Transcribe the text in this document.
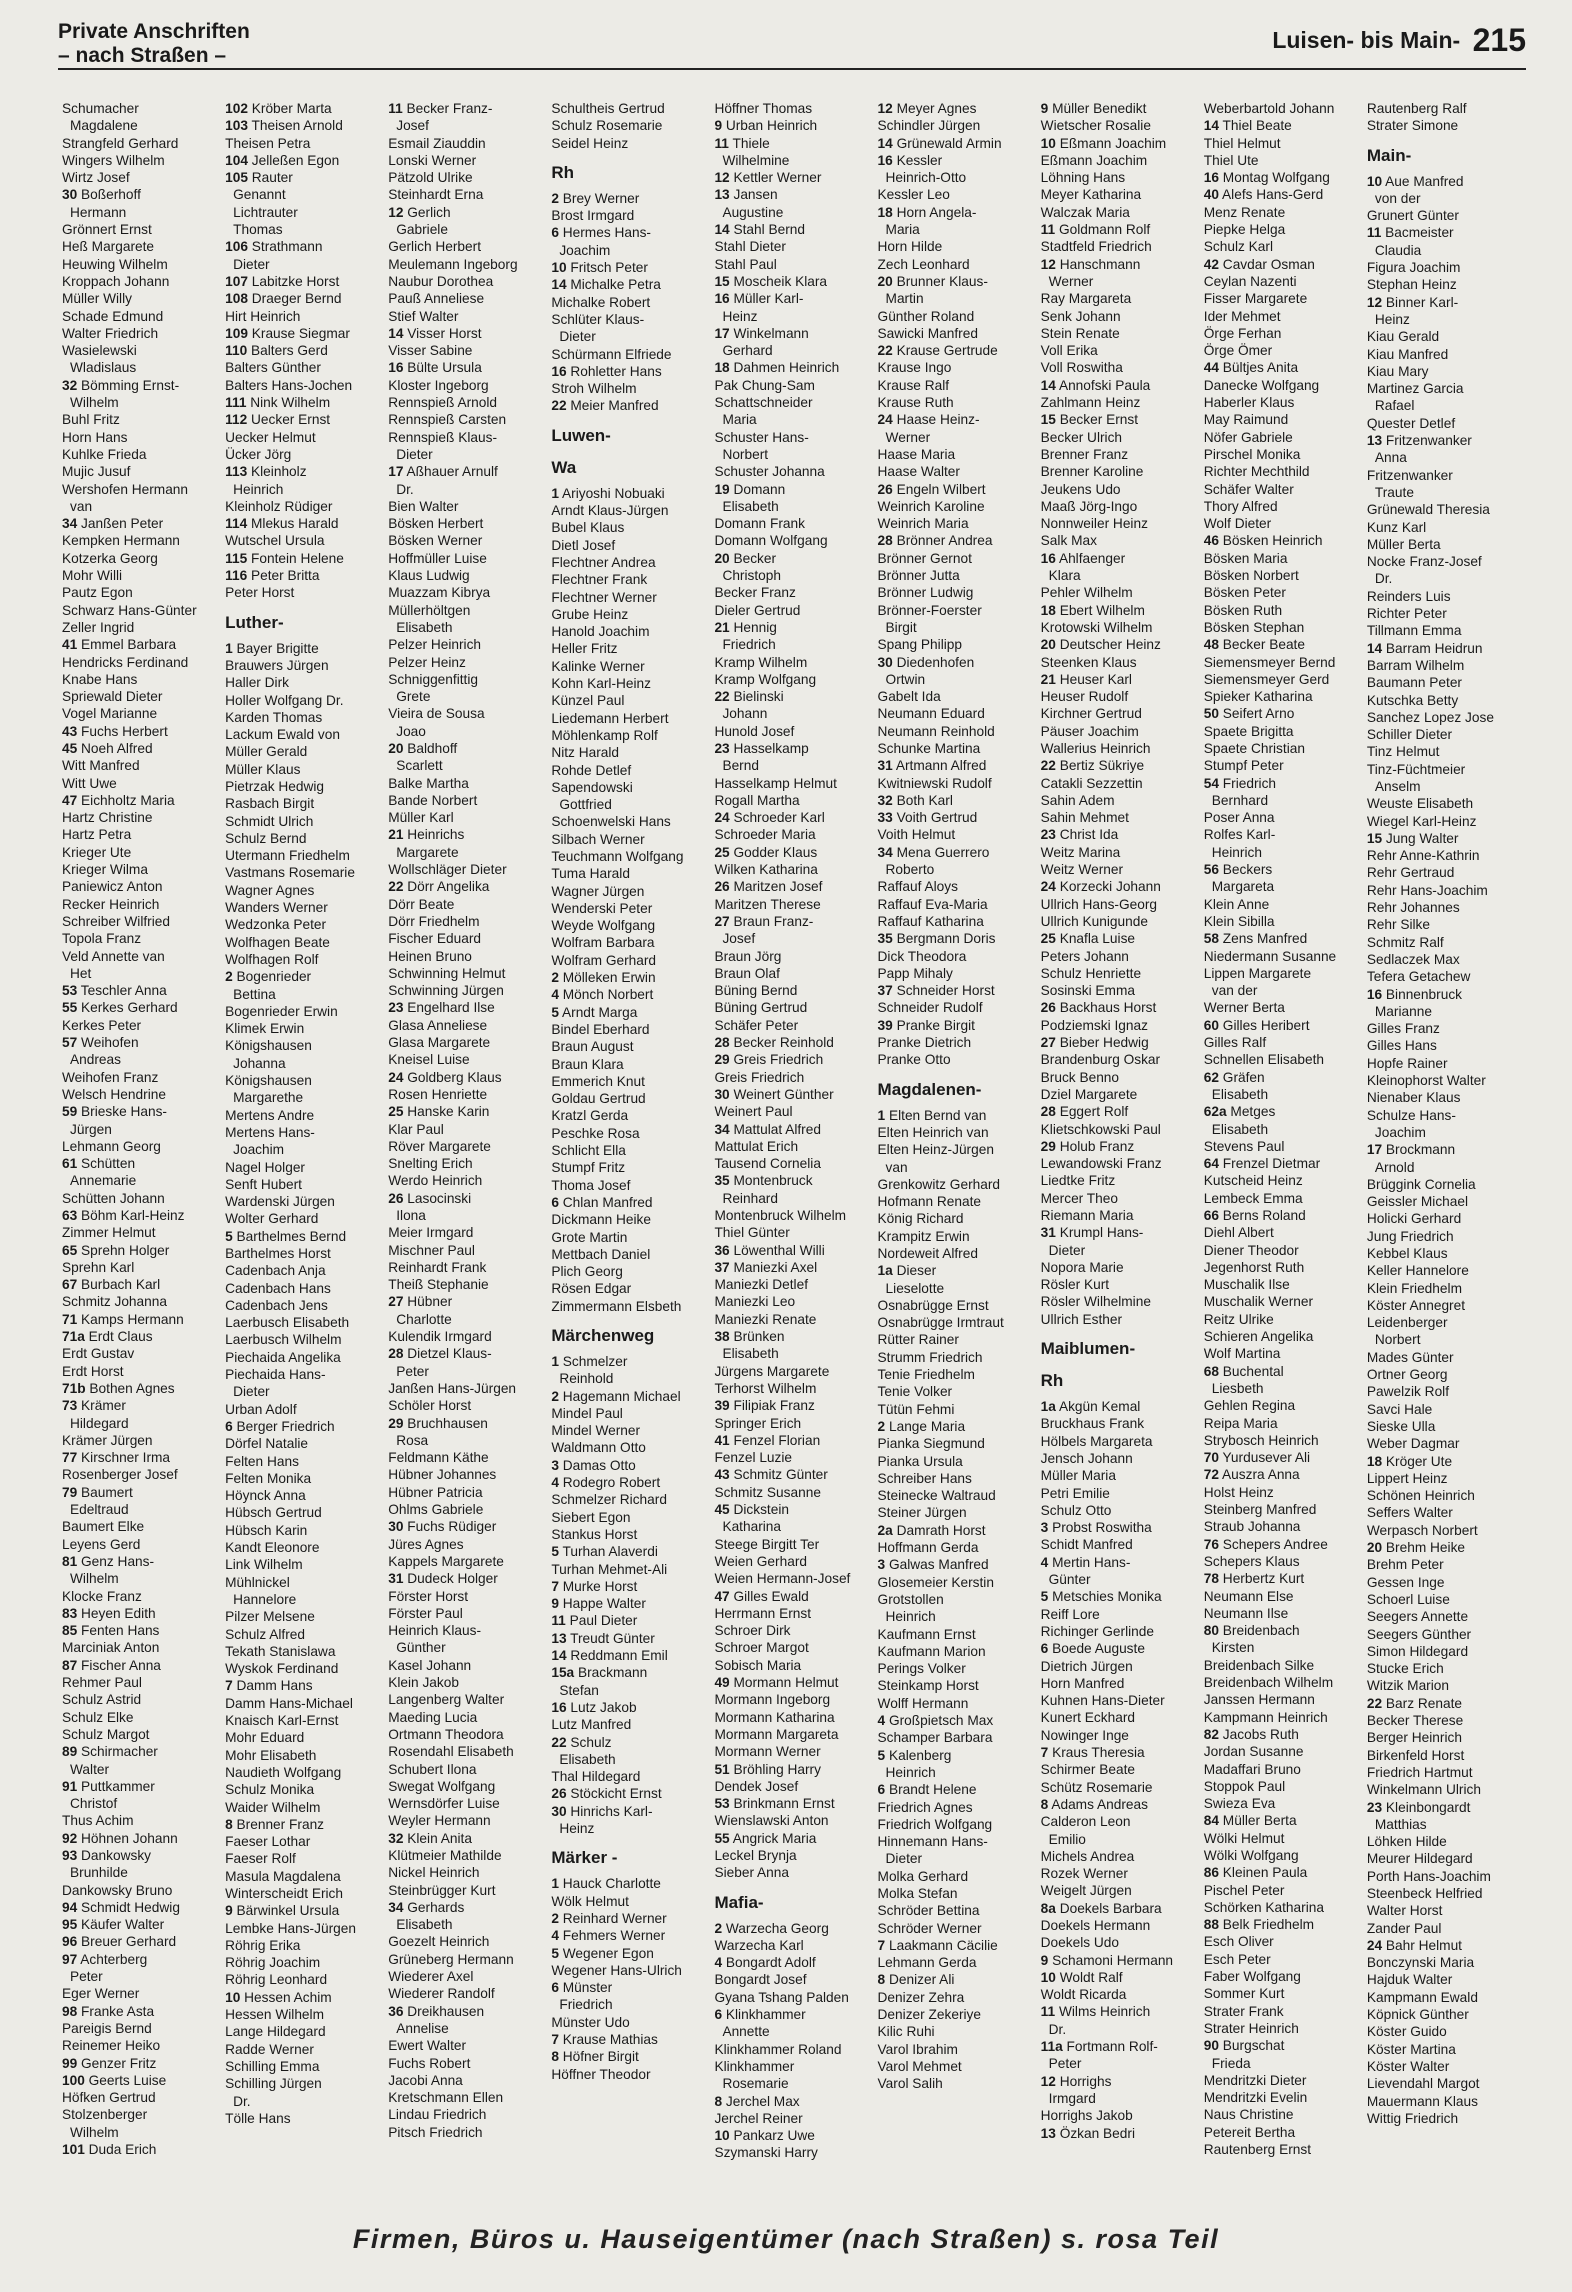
Private Anschriften
– nach Straßen –
Luisen- bis Main- 215
Schumacher
Magdalene
Strangfeld Gerhard
Wingers Wilhelm
Wirtz Josef
30 Boßerhoff
Hermann
Grönnert Ernst
Heß Margarete
Heuwing Wilhelm
Kroppach Johann
Müller Willy
Schade Edmund
Walter Friedrich
Wasielewski
Wladislaus
32 Bömming Ernst-
Wilhelm
Buhl Fritz
Horn Hans
Kuhlke Frieda
Mujic Jusuf
Wershofen Hermann
van
34 Janßen Peter
Kempken Hermann
Kotzerka Georg
Mohr Willi
Pautz Egon
Schwarz Hans-Günter
Zeller Ingrid
41 Emmel Barbara
Hendricks Ferdinand
Knabe Hans
Spriewald Dieter
Vogel Marianne
43 Fuchs Herbert
45 Noeh Alfred
Witt Manfred
Witt Uwe
47 Eichholtz Maria
Hartz Christine
Hartz Petra
Krieger Ute
Krieger Wilma
Paniewicz Anton
Recker Heinrich
Schreiber Wilfried
Topola Franz
Veld Annette van
Het
53 Teschler Anna
55 Kerkes Gerhard
Kerkes Peter
57 Weihofen
Andreas
Weihofen Franz
Welsch Hendrine
59 Brieske Hans-
Jürgen
Lehmann Georg
61 Schütten
Annemarie
Schütten Johann
63 Böhm Karl-Heinz
Zimmer Helmut
65 Sprehn Holger
Sprehn Karl
67 Burbach Karl
Schmitz Johanna
71 Kamps Hermann
71a Erdt Claus
Erdt Gustav
Erdt Horst
71b Bothen Agnes
73 Krämer
Hildegard
Krämer Jürgen
77 Kirschner Irma
Rosenberger Josef
79 Baumert
Edeltraud
Baumert Elke
Leyens Gerd
81 Genz Hans-
Wilhelm
Klocke Franz
83 Heyen Edith
85 Fenten Hans
Marciniak Anton
87 Fischer Anna
Rehmer Paul
Schulz Astrid
Schulz Elke
Schulz Margot
89 Schirmacher
Walter
91 Puttkammer
Christof
Thus Achim
92 Höhnen Johann
93 Dankowsky
Brunhilde
Dankowsky Bruno
94 Schmidt Hedwig
95 Käufer Walter
96 Breuer Gerhard
97 Achterberg
Peter
Eger Werner
98 Franke Asta
Pareigis Bernd
Reinemer Heiko
99 Genzer Fritz
100 Geerts Luise
Höfken Gertrud
Stolzenberger
Wilhelm
101 Duda Erich
102 Kröber Marta
103 Theisen Arnold
Theisen Petra
104 Jelleßen Egon
105 Rauter
Genannt
Lichtrauter
Thomas
106 Strathmann
Dieter
107 Labitzke Horst
108 Draeger Bernd
Hirt Heinrich
109 Krause Siegmar
110 Balters Gerd
Balters Günther
Balters Hans-Jochen
111 Nink Wilhelm
112 Uecker Ernst
Uecker Helmut
Ücker Jörg
113 Kleinholz
Heinrich
Kleinholz Rüdiger
114 Mlekus Harald
Wutschel Ursula
115 Fontein Helene
116 Peter Britta
Peter Horst
Luther-
1 Bayer Brigitte
Brauwers Jürgen
Haller Dirk
Holler Wolfgang Dr.
Karden Thomas
Lackum Ewald von
Müller Gerald
Müller Klaus
Pietrzak Hedwig
Rasbach Birgit
Schmidt Ulrich
Schulz Bernd
Utermann Friedhelm
Vastmans Rosemarie
Wagner Agnes
Wanders Werner
Wedzonka Peter
Wolfhagen Beate
Wolfhagen Rolf
2 Bogenrieder
Bettina
Bogenrieder Erwin
Klimek Erwin
Königshausen
Johanna
Königshausen
Margarethe
Mertens Andre
Mertens Hans-
Joachim
Nagel Holger
Senft Hubert
Wardenski Jürgen
Wolter Gerhard
5 Barthelmes Bernd
Barthelmes Horst
Cadenbach Anja
Cadenbach Hans
Cadenbach Jens
Laerbusch Elisabeth
Laerbusch Wilhelm
Piechaida Angelika
Piechaida Hans-
Dieter
Urban Adolf
6 Berger Friedrich
Dörfel Natalie
Felten Hans
Felten Monika
Höynck Anna
Hübsch Gertrud
Hübsch Karin
Kandt Eleonore
Link Wilhelm
Mühlnickel
Hannelore
Pilzer Melsene
Schulz Alfred
Tekath Stanislawa
Wyskok Ferdinand
7 Damm Hans
Damm Hans-Michael
Knaisch Karl-Ernst
Mohr Eduard
Mohr Elisabeth
Naudieth Wolfgang
Schulz Monika
Waider Wilhelm
8 Brenner Franz
Faeser Lothar
Faeser Rolf
Masula Magdalena
Winterscheidt Erich
9 Bärwinkel Ursula
Lembke Hans-Jürgen
Röhrig Erika
Röhrig Joachim
Röhrig Leonhard
10 Hessen Achim
Hessen Wilhelm
Lange Hildegard
Radde Werner
Schilling Emma
Schilling Jürgen
Dr.
Tölle Hans
11 Becker Franz-
Josef
Esmail Ziauddin
Lonski Werner
Pätzold Ulrike
Steinhardt Erna
12 Gerlich
Gabriele
Gerlich Herbert
Meulemann Ingeborg
Naubur Dorothea
Pauß Anneliese
Stief Walter
14 Visser Horst
Visser Sabine
16 Bülte Ursula
Kloster Ingeborg
Rennspieß Arnold
Rennspieß Carsten
Rennspieß Klaus-
Dieter
17 Aßhauer Arnulf
Dr.
Bien Walter
Bösken Herbert
Bösken Werner
Hoffmüller Luise
Klaus Ludwig
Muazzam Kibrya
Müllerhöltgen
Elisabeth
Pelzer Heinrich
Pelzer Heinz
Schniggenfittig
Grete
Vieira de Sousa
Joao
20 Baldhoff
Scarlett
Balke Martha
Bande Norbert
Müller Karl
21 Heinrichs
Margarete
Wollschläger Dieter
22 Dörr Angelika
Dörr Beate
Dörr Friedhelm
Fischer Eduard
Heinen Bruno
Schwinning Helmut
Schwinning Jürgen
23 Engelhard Ilse
Glasa Anneliese
Glasa Margarete
Kneisel Luise
24 Goldberg Klaus
Rosen Henriette
25 Hanske Karin
Klar Paul
Röver Margarete
Snelting Erich
Werdo Heinrich
26 Lasocinski
Ilona
Meier Irmgard
Mischner Paul
Reinhardt Frank
Theiß Stephanie
27 Hübner
Charlotte
Kulendik Irmgard
28 Dietzel Klaus-
Peter
Janßen Hans-Jürgen
Schöler Horst
29 Bruchhausen
Rosa
Feldmann Käthe
Hübner Johannes
Hübner Patricia
Ohlms Gabriele
30 Fuchs Rüdiger
Jüres Agnes
Kappels Margarete
31 Dudeck Holger
Förster Horst
Förster Paul
Heinrich Klaus-
Günther
Kasel Johann
Klein Jakob
Langenberg Walter
Maeding Lucia
Ortmann Theodora
Rosendahl Elisabeth
Schubert Ilona
Swegat Wolfgang
Wernsdörfer Luise
Weyler Hermann
32 Klein Anita
Klütmeier Mathilde
Nickel Heinrich
Steinbrügger Kurt
34 Gerhards
Elisabeth
Goezelt Heinrich
Grüneberg Hermann
Wiederer Axel
Wiederer Randolf
36 Dreikhausen
Annelise
Ewert Walter
Fuchs Robert
Jacobi Anna
Kretschmann Ellen
Lindau Friedrich
Pitsch Friedrich
Schultheis Gertrud
Schulz Rosemarie
Seidel Heinz
Rh
2 Brey Werner
Brost Irmgard
6 Hermes Hans-
Joachim
10 Fritsch Peter
14 Michalke Petra
Michalke Robert
Schlüter Klaus-
Dieter
Schürmann Elfriede
16 Rohletter Hans
Stroh Wilhelm
22 Meier Manfred
Luwen-
Wa
1 Ariyoshi Nobuaki
Arndt Klaus-Jürgen
Bubel Klaus
Dietl Josef
Flechtner Andrea
Flechtner Frank
Flechtner Werner
Grube Heinz
Hanold Joachim
Heller Fritz
Kalinke Werner
Kohn Karl-Heinz
Künzel Paul
Liedemann Herbert
Möhlenkamp Rolf
Nitz Harald
Rohde Detlef
Sapendowski
Gottfried
Schoenwelski Hans
Silbach Werner
Teuchmann Wolfgang
Tuma Harald
Wagner Jürgen
Wenderski Peter
Weyde Wolfgang
Wolfram Barbara
Wolfram Gerhard
2 Mölleken Erwin
4 Mönch Norbert
5 Arndt Marga
Bindel Eberhard
Braun August
Braun Klara
Emmerich Knut
Goldau Gertrud
Kratzl Gerda
Peschke Rosa
Schlicht Ella
Stumpf Fritz
Thoma Josef
6 Chlan Manfred
Dickmann Heike
Grote Martin
Mettbach Daniel
Plich Georg
Rösen Edgar
Zimmermann Elsbeth
Märchenweg
1 Schmelzer
Reinhold
2 Hagemann Michael
Mindel Paul
Mindel Werner
Waldmann Otto
3 Damas Otto
4 Rodegro Robert
Schmelzer Richard
Siebert Egon
Stankus Horst
5 Turhan Alaverdi
Turhan Mehmet-Ali
7 Murke Horst
9 Happe Walter
11 Paul Dieter
13 Treudt Günter
14 Reddmann Emil
15a Brackmann
Stefan
16 Lutz Jakob
Lutz Manfred
22 Schulz
Elisabeth
Thal Hildegard
26 Stöckicht Ernst
30 Hinrichs Karl-
Heinz
Märker -
1 Hauck Charlotte
Wölk Helmut
2 Reinhard Werner
4 Fehmers Werner
5 Wegener Egon
Wegener Hans-Ulrich
6 Münster
Friedrich
Münster Udo
7 Krause Mathias
8 Höfner Birgit
Höffner Theodor
Höffner Thomas
9 Urban Heinrich
11 Thiele
Wilhelmine
12 Kettler Werner
13 Jansen
Augustine
14 Stahl Bernd
Stahl Dieter
Stahl Paul
15 Moscheik Klara
16 Müller Karl-
Heinz
17 Winkelmann
Gerhard
18 Dahmen Heinrich
Pak Chung-Sam
Schattschneider
Maria
Schuster Hans-
Norbert
Schuster Johanna
19 Domann
Elisabeth
Domann Frank
Domann Wolfgang
20 Becker
Christoph
Becker Franz
Dieler Gertrud
21 Hennig
Friedrich
Kramp Wilhelm
Kramp Wolfgang
22 Bielinski
Johann
Hunold Josef
23 Hasselkamp
Bernd
Hasselkamp Helmut
Rogall Martha
24 Schroeder Karl
Schroeder Maria
25 Godder Klaus
Wilken Katharina
26 Maritzen Josef
Maritzen Therese
27 Braun Franz-
Josef
Braun Jörg
Braun Olaf
Büning Bernd
Büning Gertrud
Schäfer Peter
28 Becker Reinhold
29 Greis Friedrich
Greis Friedrich
30 Weinert Günther
Weinert Paul
34 Mattulat Alfred
Mattulat Erich
Tausend Cornelia
35 Montenbruck
Reinhard
Montenbruck Wilhelm
Thiel Günter
36 Löwenthal Willi
37 Maniezki Axel
Maniezki Detlef
Maniezki Leo
Maniezki Renate
38 Brünken
Elisabeth
Jürgens Margarete
Terhorst Wilhelm
39 Filipiak Franz
Springer Erich
41 Fenzel Florian
Fenzel Luzie
43 Schmitz Günter
Schmitz Susanne
45 Dickstein
Katharina
Steege Birgitt Ter
Weien Gerhard
Weien Hermann-Josef
47 Gilles Ewald
Herrmann Ernst
Schroer Dirk
Schroer Margot
Sobisch Maria
49 Mormann Helmut
Mormann Ingeborg
Mormann Katharina
Mormann Margareta
Mormann Werner
51 Bröhling Harry
Dendek Josef
53 Brinkmann Ernst
Wienslawski Anton
55 Angrick Maria
Leckel Brynja
Sieber Anna
Mafia-
2 Warzecha Georg
Warzecha Karl
4 Bongardt Adolf
Bongardt Josef
Gyana Tshang Palden
6 Klinkhammer
Annette
Klinkhammer Roland
Klinkhammer
Rosemarie
8 Jerchel Max
Jerchel Reiner
10 Pankarz Uwe
Szymanski Harry
12 Meyer Agnes
Schindler Jürgen
14 Grünewald Armin
16 Kessler
Heinrich-Otto
Kessler Leo
18 Horn Angela-
Maria
Horn Hilde
Zech Leonhard
20 Brunner Klaus-
Martin
Günther Roland
Sawicki Manfred
22 Krause Gertrude
Krause Ingo
Krause Ralf
Krause Ruth
24 Haase Heinz-
Werner
Haase Maria
Haase Walter
26 Engeln Wilbert
Weinrich Karoline
Weinrich Maria
28 Brönner Andrea
Brönner Gernot
Brönner Jutta
Brönner Ludwig
Brönner-Foerster
Birgit
Spang Philipp
30 Diedenhofen
Ortwin
Gabelt Ida
Neumann Eduard
Neumann Reinhold
Schunke Martina
31 Artmann Alfred
Kwitniewski Rudolf
32 Both Karl
33 Voith Gertrud
Voith Helmut
34 Mena Guerrero
Roberto
Raffauf Aloys
Raffauf Eva-Maria
Raffauf Katharina
35 Bergmann Doris
Dick Theodora
Papp Mihaly
37 Schneider Horst
Schneider Rudolf
39 Pranke Birgit
Pranke Dietrich
Pranke Otto
Magdalenen-
1 Elten Bernd van
Elten Heinrich van
Elten Heinz-Jürgen
van
Grenkowitz Gerhard
Hofmann Renate
König Richard
Krampitz Erwin
Nordeweit Alfred
1a Dieser
Lieselotte
Osnabrügge Ernst
Osnabrügge Irmtraut
Rütter Rainer
Strumm Friedrich
Tenie Friedhelm
Tenie Volker
Tütün Fehmi
2 Lange Maria
Pianka Siegmund
Pianka Ursula
Schreiber Hans
Steinecke Waltraud
Steiner Jürgen
2a Damrath Horst
Hoffmann Gerda
3 Galwas Manfred
Glosemeier Kerstin
Grotstollen
Heinrich
Kaufmann Ernst
Kaufmann Marion
Perings Volker
Steinkamp Horst
Wolff Hermann
4 Großpietsch Max
Schamper Barbara
5 Kalenberg
Heinrich
6 Brandt Helene
Friedrich Agnes
Friedrich Wolfgang
Hinnemann Hans-
Dieter
Molka Gerhard
Molka Stefan
Schröder Bettina
Schröder Werner
7 Laakmann Cäcilie
Lehmann Gerda
8 Denizer Ali
Denizer Zehra
Denizer Zekeriye
Kilic Ruhi
Varol Ibrahim
Varol Mehmet
Varol Salih
9 Müller Benedikt
Wietscher Rosalie
10 Eßmann Joachim
Eßmann Joachim
Löhning Hans
Meyer Katharina
Walczak Maria
11 Goldmann Rolf
Stadtfeld Friedrich
12 Hanschmann
Werner
Ray Margareta
Senk Johann
Stein Renate
Voll Erika
Voll Roswitha
14 Annofski Paula
Zahlmann Heinz
15 Becker Ernst
Becker Ulrich
Brenner Franz
Brenner Karoline
Jeukens Udo
Maaß Jörg-Ingo
Nonnweiler Heinz
Salk Max
16 Ahlfaenger
Klara
Pehler Wilhelm
18 Ebert Wilhelm
Krotowski Wilhelm
20 Deutscher Heinz
Steenken Klaus
21 Heuser Karl
Heuser Rudolf
Kirchner Gertrud
Päuser Joachim
Wallerius Heinrich
22 Bertiz Sükriye
Catakli Sezzettin
Sahin Adem
Sahin Mehmet
23 Christ Ida
Weitz Marina
Weitz Werner
24 Korzecki Johann
Ullrich Hans-Georg
Ullrich Kunigunde
25 Knafla Luise
Peters Johann
Schulz Henriette
Sosinski Emma
26 Backhaus Horst
Podziemski Ignaz
27 Bieber Hedwig
Brandenburg Oskar
Bruck Benno
Dziel Margarete
28 Eggert Rolf
Klietschkowski Paul
29 Holub Franz
Lewandowski Franz
Liedtke Fritz
Mercer Theo
Riemann Maria
31 Krumpl Hans-
Dieter
Nopora Marie
Rösler Kurt
Rösler Wilhelmine
Ullrich Esther
Maiblumen-
Rh
1a Akgün Kemal
Bruckhaus Frank
Hölbels Margareta
Jensch Johann
Müller Maria
Petri Emilie
Schulz Otto
3 Probst Roswitha
Schidt Manfred
4 Mertin Hans-
Günter
5 Metschies Monika
Reiff Lore
Richinger Gerlinde
6 Boede Auguste
Dietrich Jürgen
Horn Manfred
Kuhnen Hans-Dieter
Kunert Eckhard
Nowinger Inge
7 Kraus Theresia
Schirmer Beate
Schütz Rosemarie
8 Adams Andreas
Calderon Leon
Emilio
Michels Andrea
Rozek Werner
Weigelt Jürgen
8a Doekels Barbara
Doekels Hermann
Doekels Udo
9 Schamoni Hermann
10 Woldt Ralf
Woldt Ricarda
11 Wilms Heinrich
Dr.
11a Fortmann Rolf-
Peter
12 Horrighs
Irmgard
Horrighs Jakob
13 Özkan Bedri
Weberbartold Johann
14 Thiel Beate
Thiel Helmut
Thiel Ute
16 Montag Wolfgang
40 Alefs Hans-Gerd
Menz Renate
Piepke Helga
Schulz Karl
42 Cavdar Osman
Ceylan Nazenti
Fisser Margarete
Ider Mehmet
Örge Ferhan
Örge Ömer
44 Bültjes Anita
Danecke Wolfgang
Haberler Klaus
May Raimund
Nöfer Gabriele
Pirschel Monika
Richter Mechthild
Schäfer Walter
Thory Alfred
Wolf Dieter
46 Bösken Heinrich
Bösken Maria
Bösken Norbert
Bösken Peter
Bösken Ruth
Bösken Stephan
48 Becker Beate
Siemensmeyer Bernd
Siemensmeyer Gerd
Spieker Katharina
50 Seifert Arno
Spaete Brigitta
Spaete Christian
Stumpf Peter
54 Friedrich
Bernhard
Poser Anna
Rolfes Karl-
Heinrich
56 Beckers
Margareta
Klein Anne
Klein Sibilla
58 Zens Manfred
Niedermann Susanne
Lippen Margarete
van der
Werner Berta
60 Gilles Heribert
Gilles Ralf
Schnellen Elisabeth
62 Gräfen
Elisabeth
62a Metges
Elisabeth
Stevens Paul
64 Frenzel Dietmar
Kutscheid Heinz
Lembeck Emma
66 Berns Roland
Diehl Albert
Diener Theodor
Jegenhorst Ruth
Muschalik Ilse
Muschalik Werner
Reitz Ulrike
Schieren Angelika
Wolf Martina
68 Buchental
Liesbeth
Gehlen Regina
Reipa Maria
Strybosch Heinrich
70 Yurdusever Ali
72 Auszra Anna
Holst Heinz
Steinberg Manfred
Straub Johanna
76 Schepers Andree
Schepers Klaus
78 Herbertz Kurt
Neumann Else
Neumann Ilse
80 Breidenbach
Kirsten
Breidenbach Silke
Breidenbach Wilhelm
Janssen Hermann
Kampmann Heinrich
82 Jacobs Ruth
Jordan Susanne
Madaffari Bruno
Stoppok Paul
Swieza Eva
84 Müller Berta
Wölki Helmut
Wölki Wolfgang
86 Kleinen Paula
Pischel Peter
Schörken Katharina
88 Belk Friedhelm
Esch Oliver
Esch Peter
Faber Wolfgang
Sommer Kurt
Strater Frank
Strater Heinrich
90 Burgschat
Frieda
Mendritzki Dieter
Mendritzki Evelin
Naus Christine
Petereit Bertha
Rautenberg Ernst
Rautenberg Ralf
Strater Simone
Main-
10 Aue Manfred
von der
Grunert Günter
11 Bacmeister
Claudia
Figura Joachim
Stephan Heinz
12 Binner Karl-
Heinz
Kiau Gerald
Kiau Manfred
Kiau Mary
Martinez Garcia
Rafael
Quester Detlef
13 Fritzenwanker
Anna
Fritzenwanker
Traute
Grünewald Theresia
Kunz Karl
Müller Berta
Nocke Franz-Josef
Dr.
Reinders Luis
Richter Peter
Tillmann Emma
14 Barram Heidrun
Barram Wilhelm
Baumann Peter
Kutschka Betty
Sanchez Lopez Jose
Schiller Dieter
Tinz Helmut
Tinz-Füchtmeier
Anselm
Weuste Elisabeth
Wiegel Karl-Heinz
15 Jung Walter
Rehr Anne-Kathrin
Rehr Gertraud
Rehr Hans-Joachim
Rehr Johannes
Rehr Silke
Schmitz Ralf
Sedlaczek Max
Tefera Getachew
16 Binnenbruck
Marianne
Gilles Franz
Gilles Hans
Hopfe Rainer
Kleinophorst Walter
Nienaber Klaus
Schulze Hans-
Joachim
17 Brockmann
Arnold
Brüggink Cornelia
Geissler Michael
Holicki Gerhard
Jung Friedrich
Kebbel Klaus
Keller Hannelore
Klein Friedhelm
Köster Annegret
Leidenberger
Norbert
Mades Günter
Ortner Georg
Pawelzik Rolf
Savci Hale
Sieske Ulla
Weber Dagmar
18 Kröger Ute
Lippert Heinz
Schönen Heinrich
Seffers Walter
Werpasch Norbert
20 Brehm Heike
Brehm Peter
Gessen Inge
Schoerl Luise
Seegers Annette
Seegers Günther
Simon Hildegard
Stucke Erich
Witzik Marion
22 Barz Renate
Becker Therese
Berger Heinrich
Birkenfeld Horst
Friedrich Hartmut
Winkelmann Ulrich
23 Kleinbongardt
Matthias
Löhken Hilde
Meurer Hildegard
Porth Hans-Joachim
Steenbeck Helfried
Walter Horst
Zander Paul
24 Bahr Helmut
Bonczynski Maria
Hajduk Walter
Kampmann Ewald
Köpnick Günther
Köster Guido
Köster Martina
Köster Walter
Lievendahl Margot
Mauermann Klaus
Wittig Friedrich
Firmen, Büros u. Hauseigentümer (nach Straßen) s. rosa Teil
